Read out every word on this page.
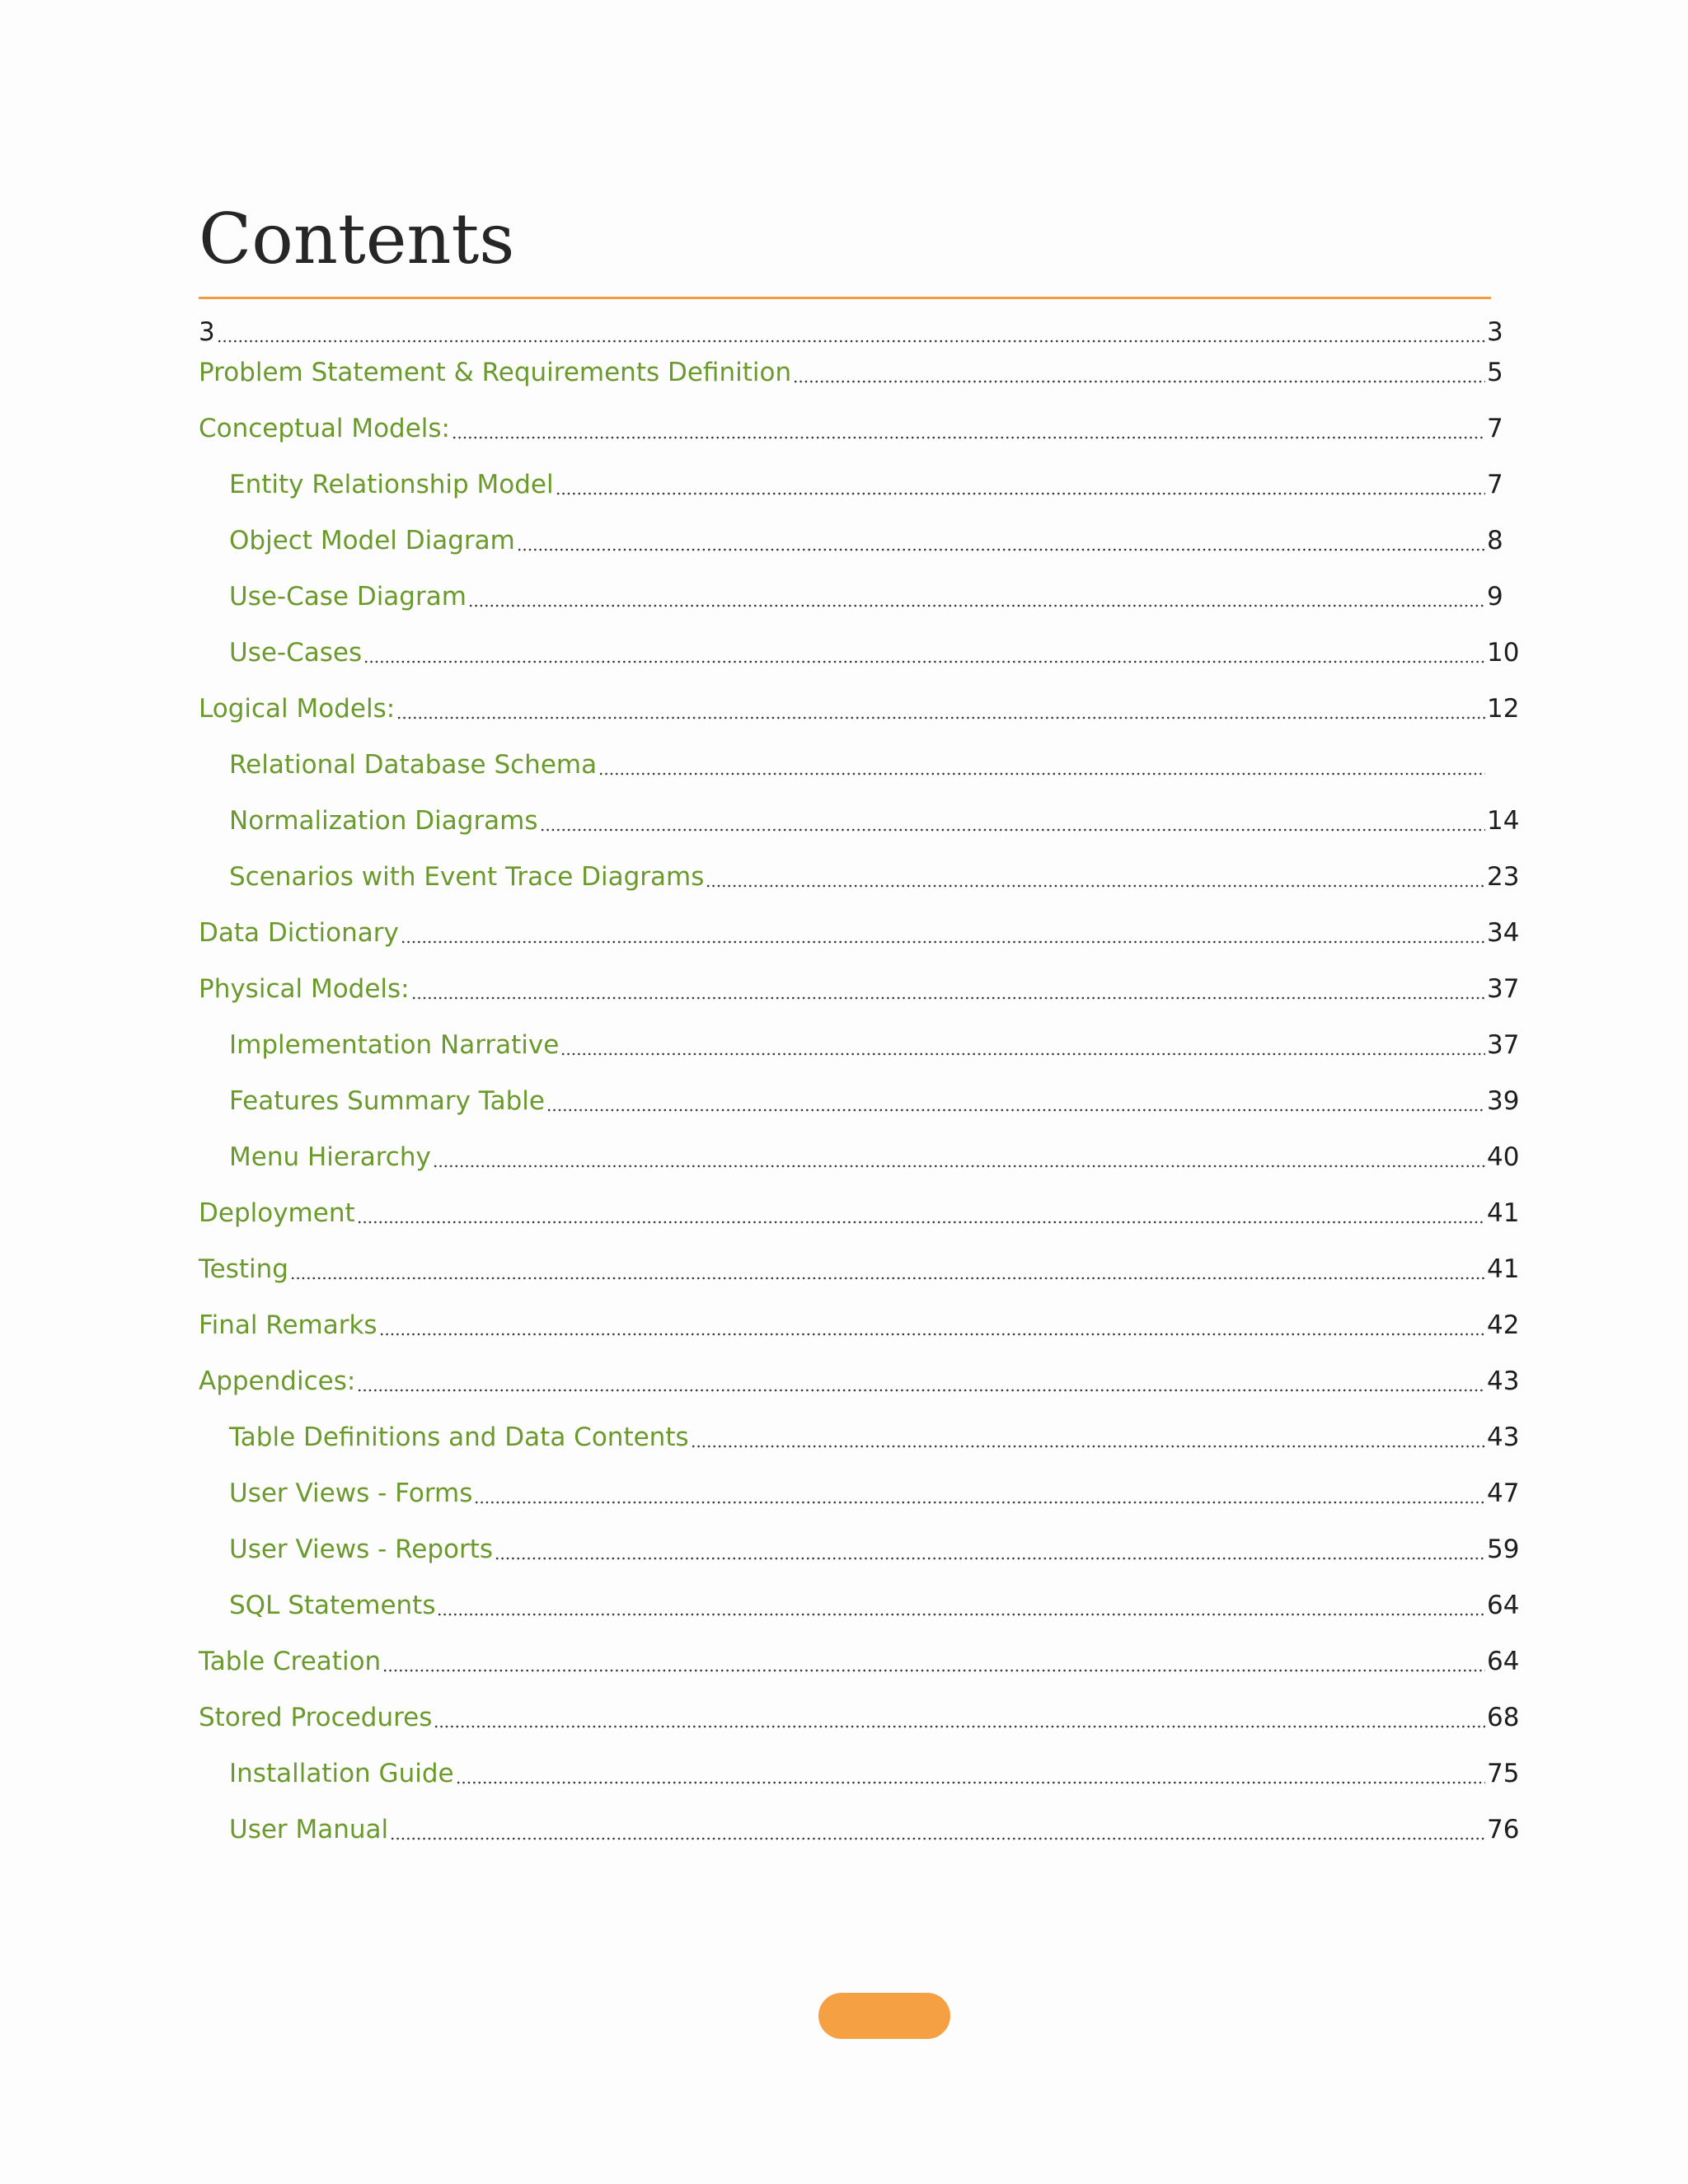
Contents
3	3
Problem Statement & Requirements Definition	5
Conceptual Models:	7
Entity Relationship Model	7
Object Model Diagram	8
Use-Case Diagram	9
Use-Cases	10
Logical Models:	12
Relational Database Schema
Normalization Diagrams	14
Scenarios with Event Trace Diagrams	23
Data Dictionary	34
Physical Models:	37
Implementation Narrative	37
Features Summary Table	39
Menu Hierarchy	40
Deployment	41
Testing	41
Final Remarks	42
Appendices:	43
Table Definitions and Data Contents	43
User Views - Forms	47
User Views - Reports	59
SQL Statements	64
Table Creation	64
Stored Procedures	68
Installation Guide	75
User Manual	76
